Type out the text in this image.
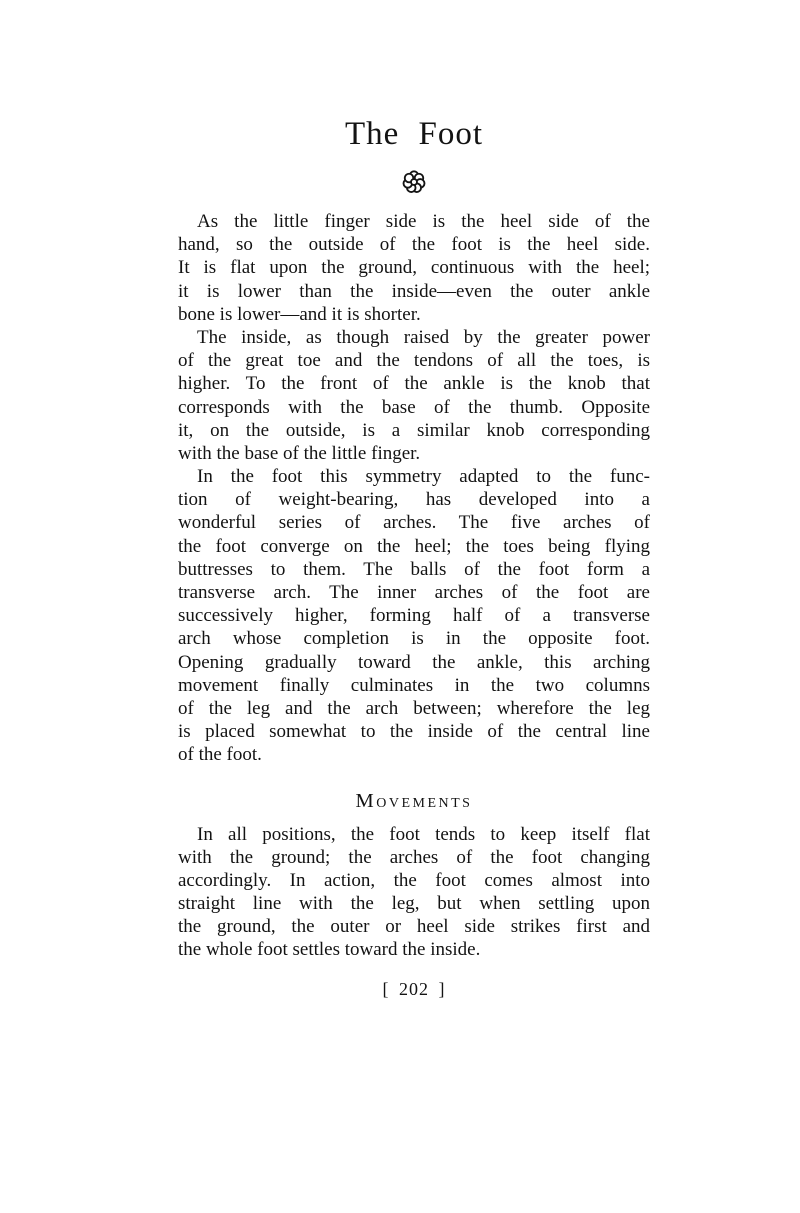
The Foot
As the little finger side is the heel side of the
hand, so the outside of the foot is the heel side.
It is flat upon the ground, continuous with the heel;
it is lower than the inside—even the outer ankle
bone is lower—and it is shorter.
The inside, as though raised by the greater power
of the great toe and the tendons of all the toes, is
higher. To the front of the ankle is the knob that
corresponds with the base of the thumb. Opposite
it, on the outside, is a similar knob corresponding
with the base of the little finger.
In the foot this symmetry adapted to the func-
tion of weight-bearing, has developed into a
wonderful series of arches. The five arches of
the foot converge on the heel; the toes being flying
buttresses to them. The balls of the foot form a
transverse arch. The inner arches of the foot are
successively higher, forming half of a transverse
arch whose completion is in the opposite foot.
Opening gradually toward the ankle, this arching
movement finally culminates in the two columns
of the leg and the arch between; wherefore the leg
is placed somewhat to the inside of the central line
of the foot.
Movements
In all positions, the foot tends to keep itself flat
with the ground; the arches of the foot changing
accordingly. In action, the foot comes almost into
straight line with the leg, but when settling upon
the ground, the outer or heel side strikes first and
the whole foot settles toward the inside.
[ 202 ]
